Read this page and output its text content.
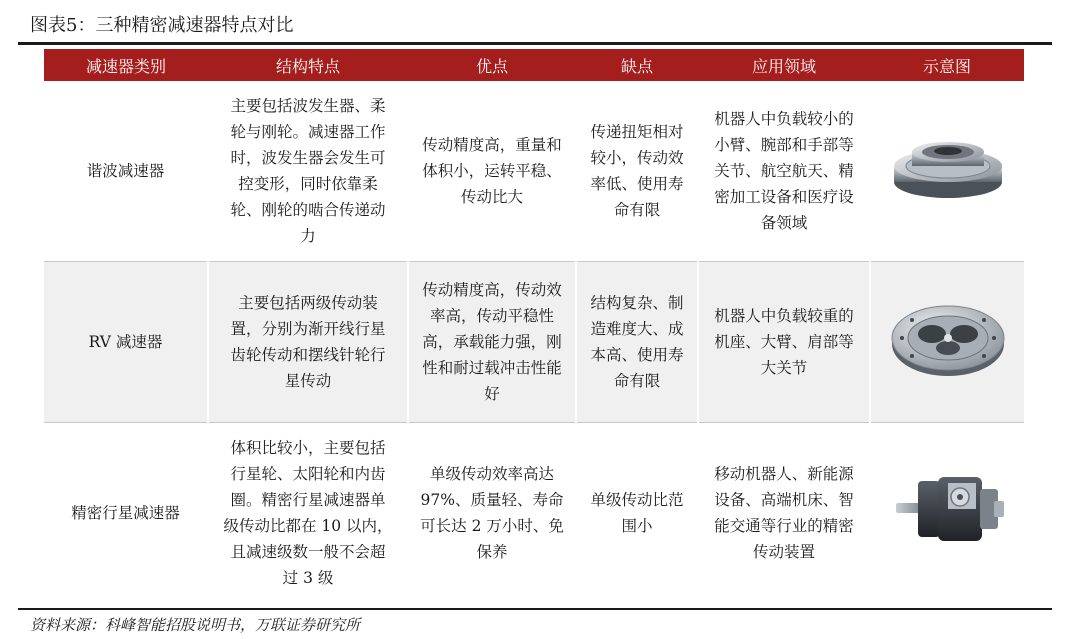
图表5：三种精密减速器特点对比
减速器类别	结构特点	优点	缺点	应用领域	示意图
谐波减速器	主要包括波发生器、柔轮与刚轮。减速器工作时，波发生器会发生可控变形，同时依靠柔轮、刚轮的啮合传递动力	传动精度高，重量和体积小，运转平稳、传动比大	传递扭矩相对较小，传动效率低、使用寿命有限	机器人中负载较小的小臂、腕部和手部等关节、航空航天、精密加工设备和医疗设备领域	

RV 减速器	主要包括两级传动装置，分别为渐开线行星齿轮传动和摆线针轮行星传动	传动精度高，传动效率高，传动平稳性高，承载能力强，刚性和耐过载冲击性能好	结构复杂、制造难度大、成本高、使用寿命有限	机器人中负载较重的机座、大臂、肩部等大关节	

精密行星减速器	体积比较小，主要包括行星轮、太阳轮和内齿圈。精密行星减速器单级传动比都在 10 以内，且减速级数一般不会超过 3 级	单级传动效率高达 97%、质量轻、寿命可长达 2 万小时、免保养	单级传动比范围小	移动机器人、新能源设备、高端机床、智能交通等行业的精密传动装置	
资料来源：科峰智能招股说明书，万联证券研究所
